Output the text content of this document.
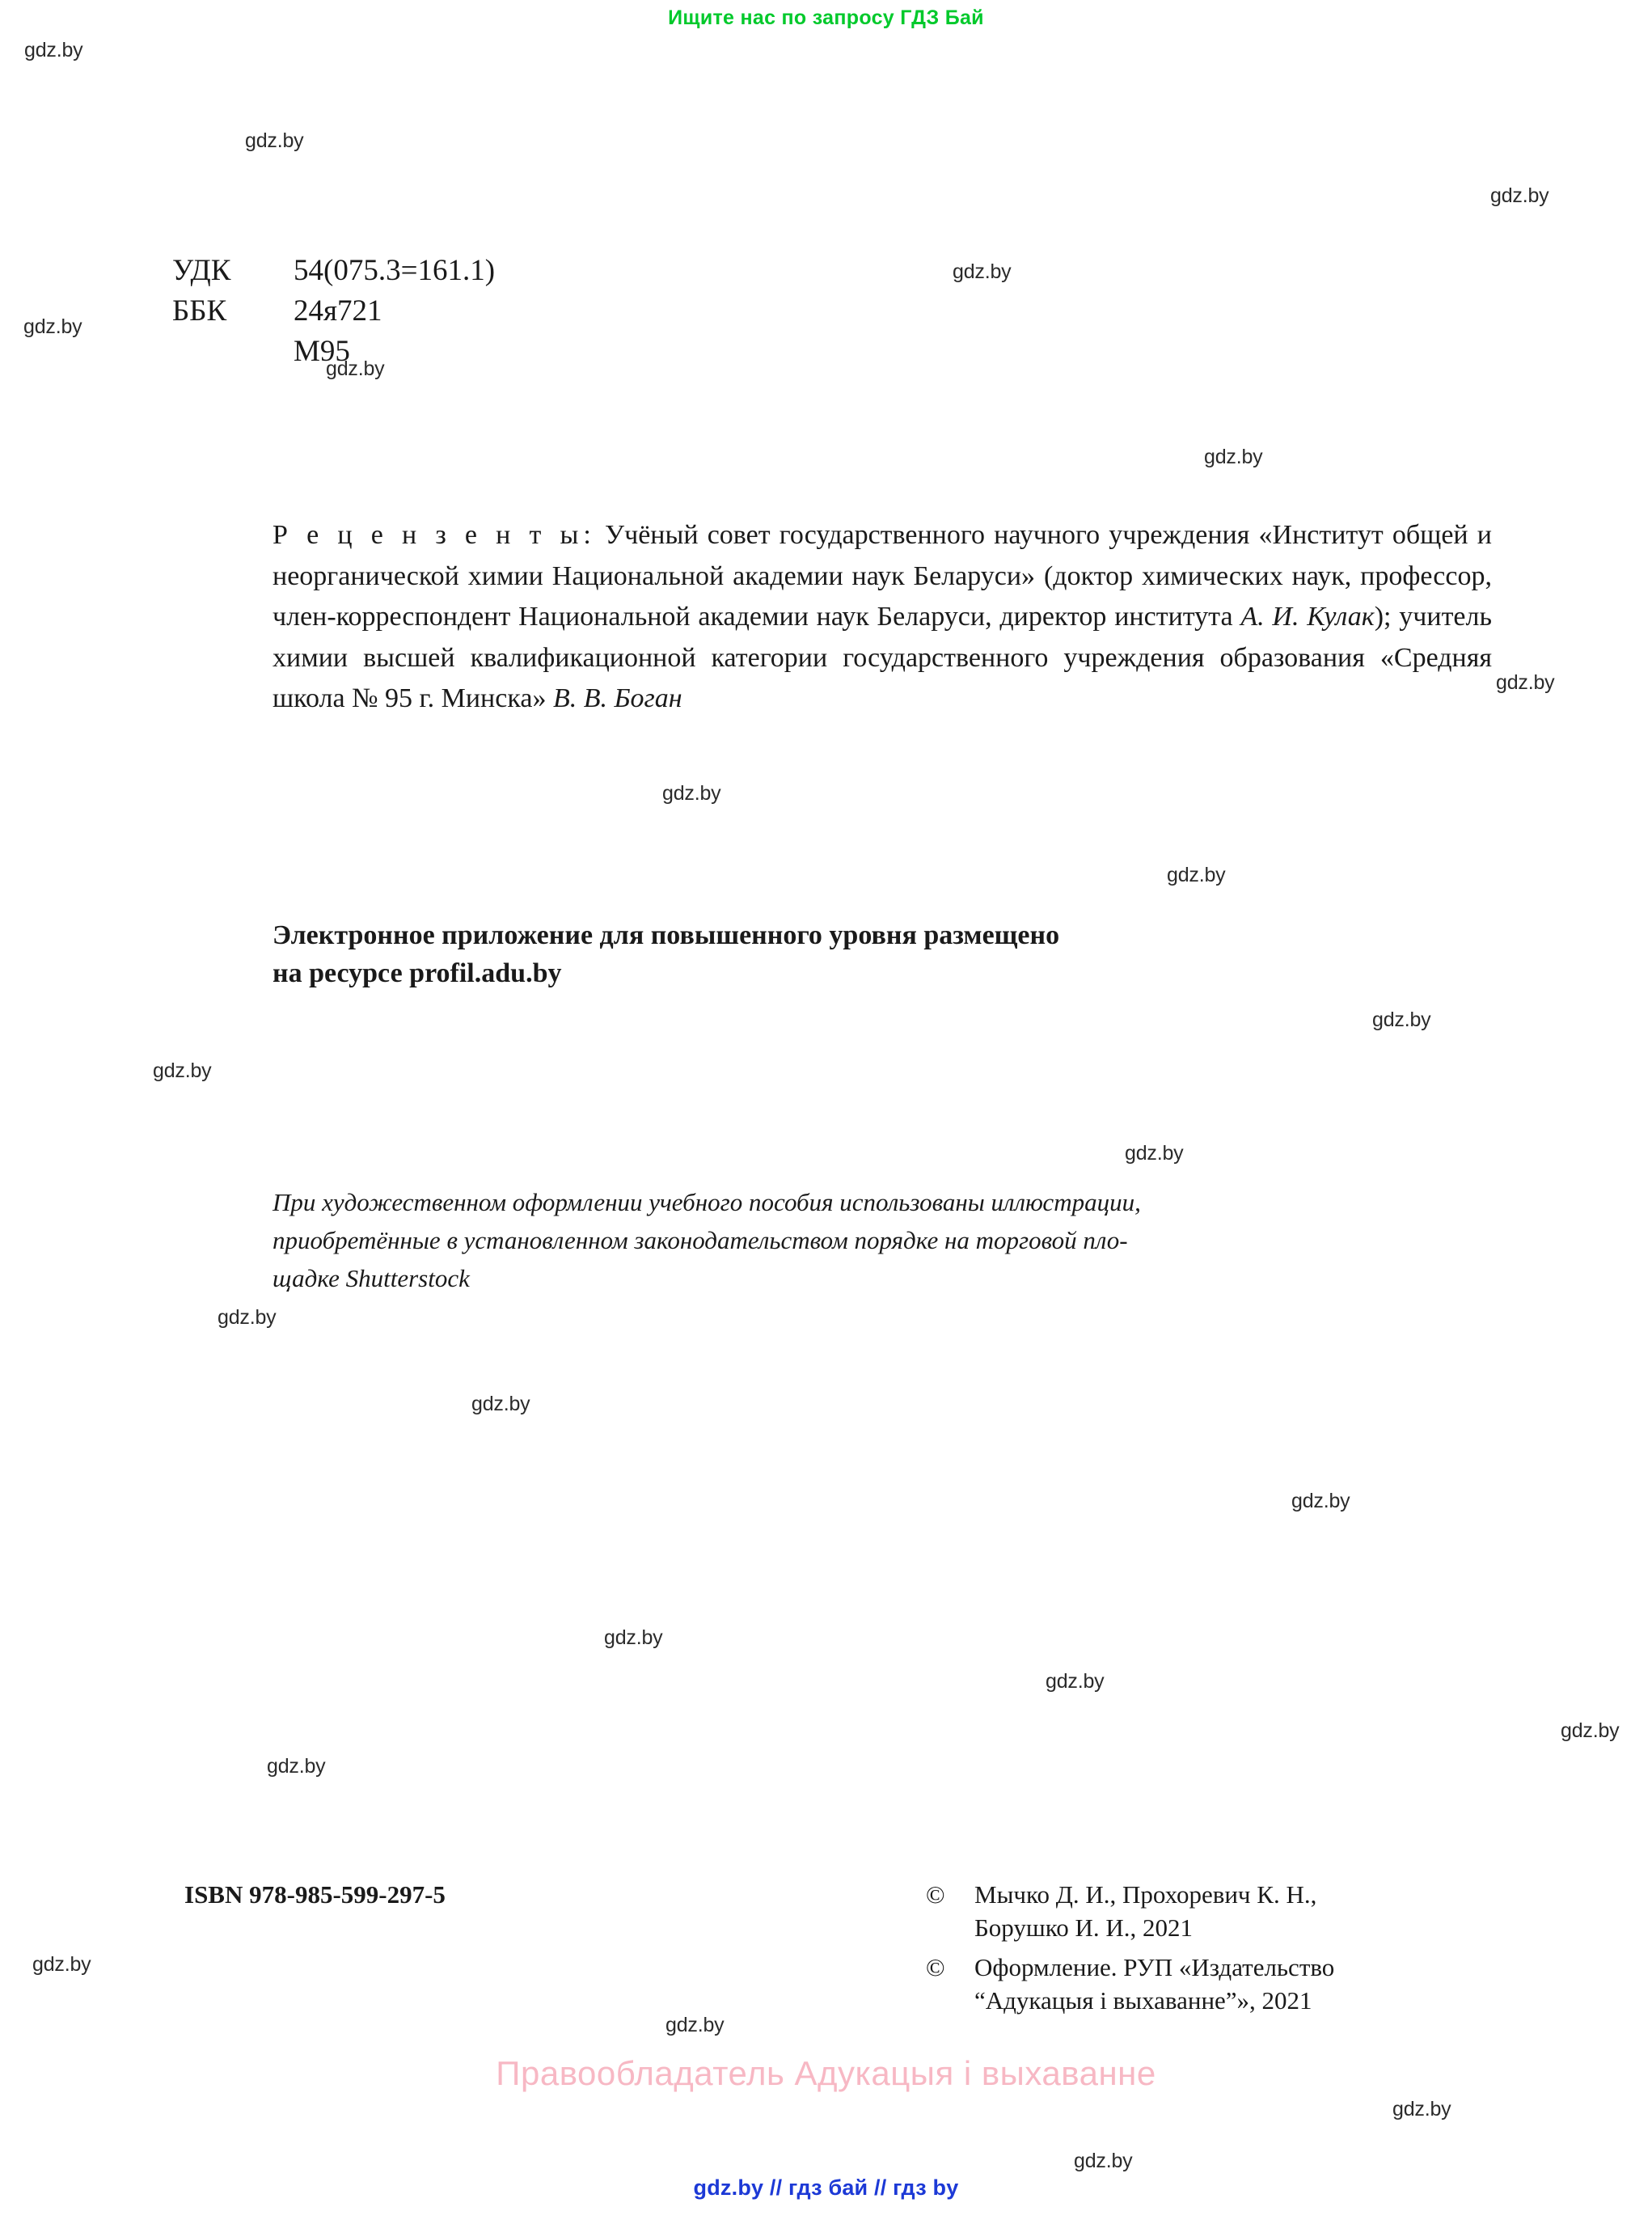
Ищите нас по запросу ГДЗ Бай
gdz.by
gdz.by
gdz.by
gdz.by
gdz.by
gdz.by
gdz.by
gdz.by
gdz.by
gdz.by
gdz.by
gdz.by
gdz.by
gdz.by
gdz.by
gdz.by
gdz.by
gdz.by
gdz.by
gdz.by
gdz.by
gdz.by
gdz.by
gdz.by
УДК	54(075.3=161.1)
ББК	24я721
М95

Р е ц е н з е н т ы: Учёный совет государственного научного учреждения «Институт общей и неорганической химии Национальной академии наук Беларуси» (доктор химических наук, профессор, член-корреспондент Национальной академии наук Беларуси, директор института А. И. Кулак); учитель химии высшей квалификационной категории государственного учреждения образования «Средняя школа № 95 г. Минска» В. В. Боган

Электронное приложение для повышенного уровня размещено
на ресурсе profil.adu.by
При художественном оформлении учебного пособия использованы иллюстрации,
приобретённые в установленном законодательством порядке на торговой пло-
щадке Shutterstock
ISBN 978-985-599-297-5	©	Мычко Д. И., Прохоревич К. Н.,
Борушко И. И., 2021
©	Оформление. РУП «Издательство
“Адукацыя і выхаванне”», 2021
Правообладатель Адукацыя і выхаванне
gdz.by // гдз бай // гдз by
